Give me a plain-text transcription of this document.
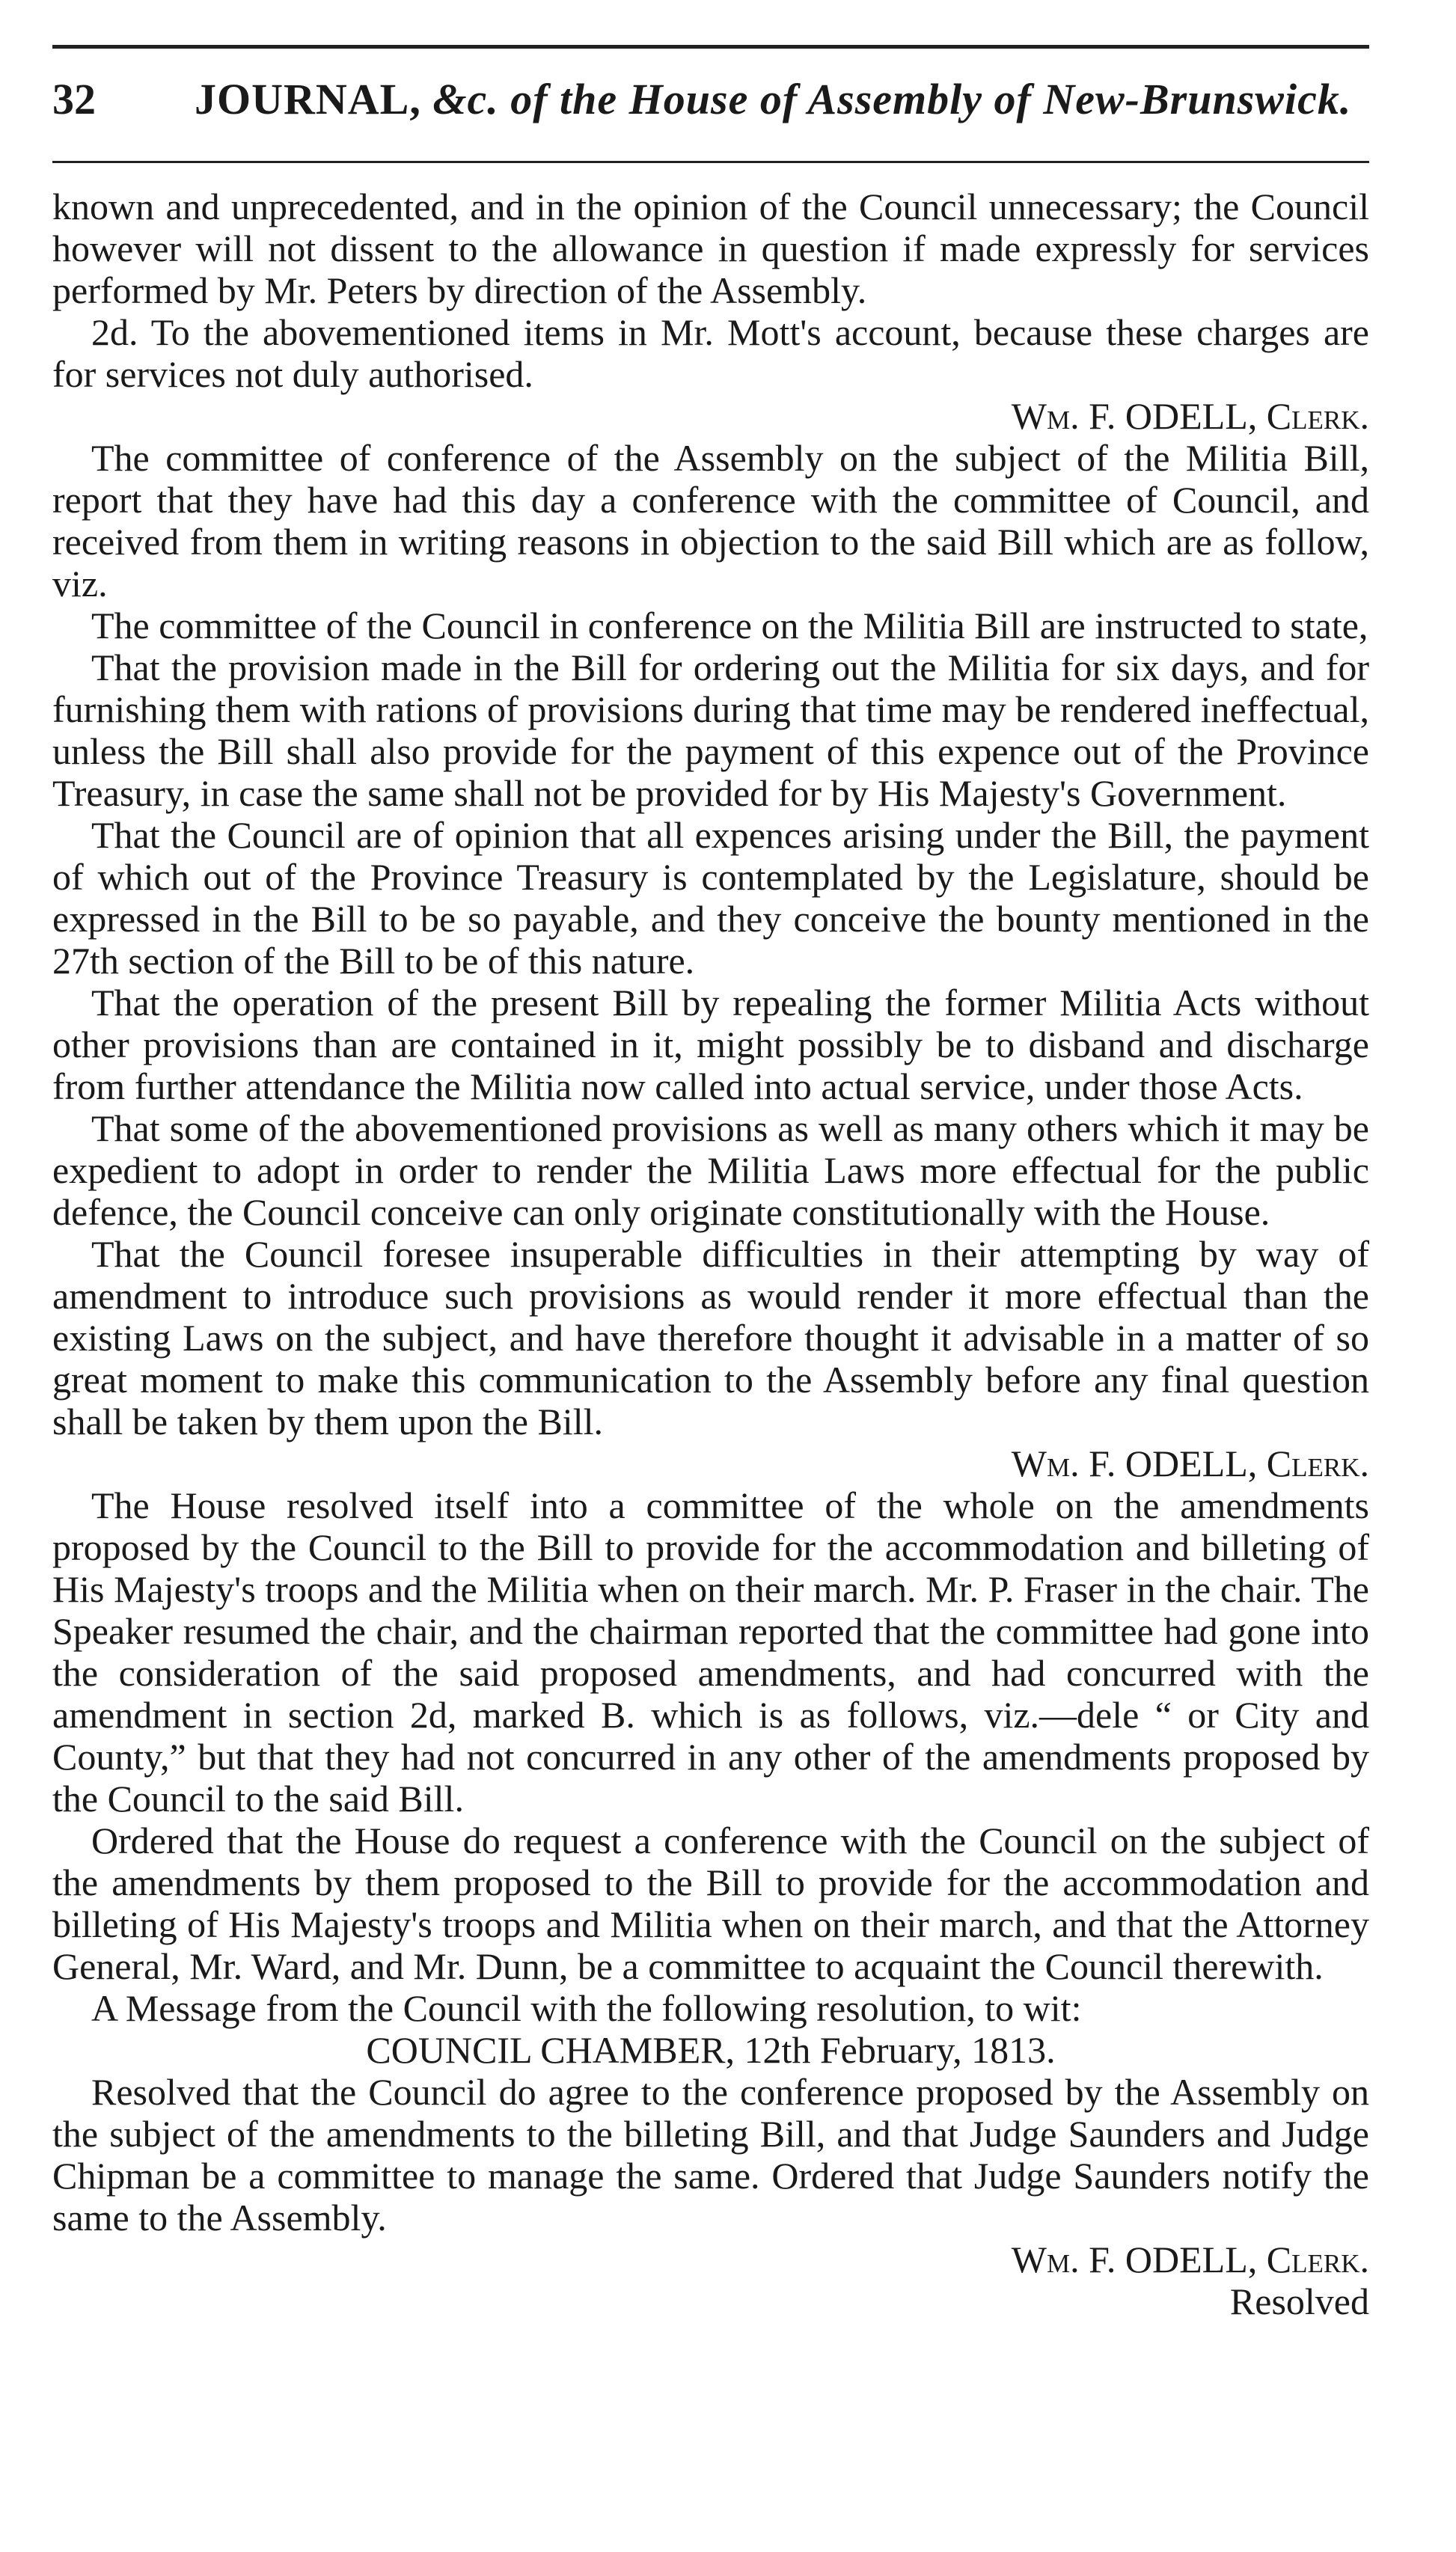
32 JOURNAL, &c. of the House of Assembly of New-Brunswick.

known and unprecedented, and in the opinion of the Council unnecessary; the Council however will not dissent to the allowance in question if made expressly for services performed by Mr. Peters by direction of the Assembly.

2d. To the abovementioned items in Mr. Mott's account, because these charges are for services not duly authorised.

Wm. F. ODELL, Clerk.

The committee of conference of the Assembly on the subject of the Militia Bill, report that they have had this day a conference with the committee of Council, and received from them in writing reasons in objection to the said Bill which are as follow, viz.

The committee of the Council in conference on the Militia Bill are instructed to state,

That the provision made in the Bill for ordering out the Militia for six days, and for furnishing them with rations of provisions during that time may be rendered ineffectual, unless the Bill shall also provide for the payment of this expence out of the Province Treasury, in case the same shall not be provided for by His Majesty's Government.

That the Council are of opinion that all expences arising under the Bill, the payment of which out of the Province Treasury is contemplated by the Legislature, should be expressed in the Bill to be so payable, and they conceive the bounty mentioned in the 27th section of the Bill to be of this nature.

That the operation of the present Bill by repealing the former Militia Acts without other provisions than are contained in it, might possibly be to disband and discharge from further attendance the Militia now called into actual service, under those Acts.

That some of the abovementioned provisions as well as many others which it may be expedient to adopt in order to render the Militia Laws more effectual for the public defence, the Council conceive can only originate constitutionally with the House.

That the Council foresee insuperable difficulties in their attempting by way of amendment to introduce such provisions as would render it more effectual than the existing Laws on the subject, and have therefore thought it advisable in a matter of so great moment to make this communication to the Assembly before any final question shall be taken by them upon the Bill.

Wm. F. ODELL, Clerk.

The House resolved itself into a committee of the whole on the amendments proposed by the Council to the Bill to provide for the accommodation and billeting of His Majesty's troops and the Militia when on their march. Mr. P. Fraser in the chair. The Speaker resumed the chair, and the chairman reported that the committee had gone into the consideration of the said proposed amendments, and had concurred with the amendment in section 2d, marked B. which is as follows, viz.—dele “ or City and County,” but that they had not concurred in any other of the amendments proposed by the Council to the said Bill.

Ordered that the House do request a conference with the Council on the subject of the amendments by them proposed to the Bill to provide for the accommodation and billeting of His Majesty's troops and Militia when on their march, and that the Attorney General, Mr. Ward, and Mr. Dunn, be a committee to acquaint the Council therewith.

A Message from the Council with the following resolution, to wit:

COUNCIL CHAMBER, 12th February, 1813.

Resolved that the Council do agree to the conference proposed by the Assembly on the subject of the amendments to the billeting Bill, and that Judge Saunders and Judge Chipman be a committee to manage the same. Ordered that Judge Saunders notify the same to the Assembly.

Wm. F. ODELL, Clerk.

Resolved
